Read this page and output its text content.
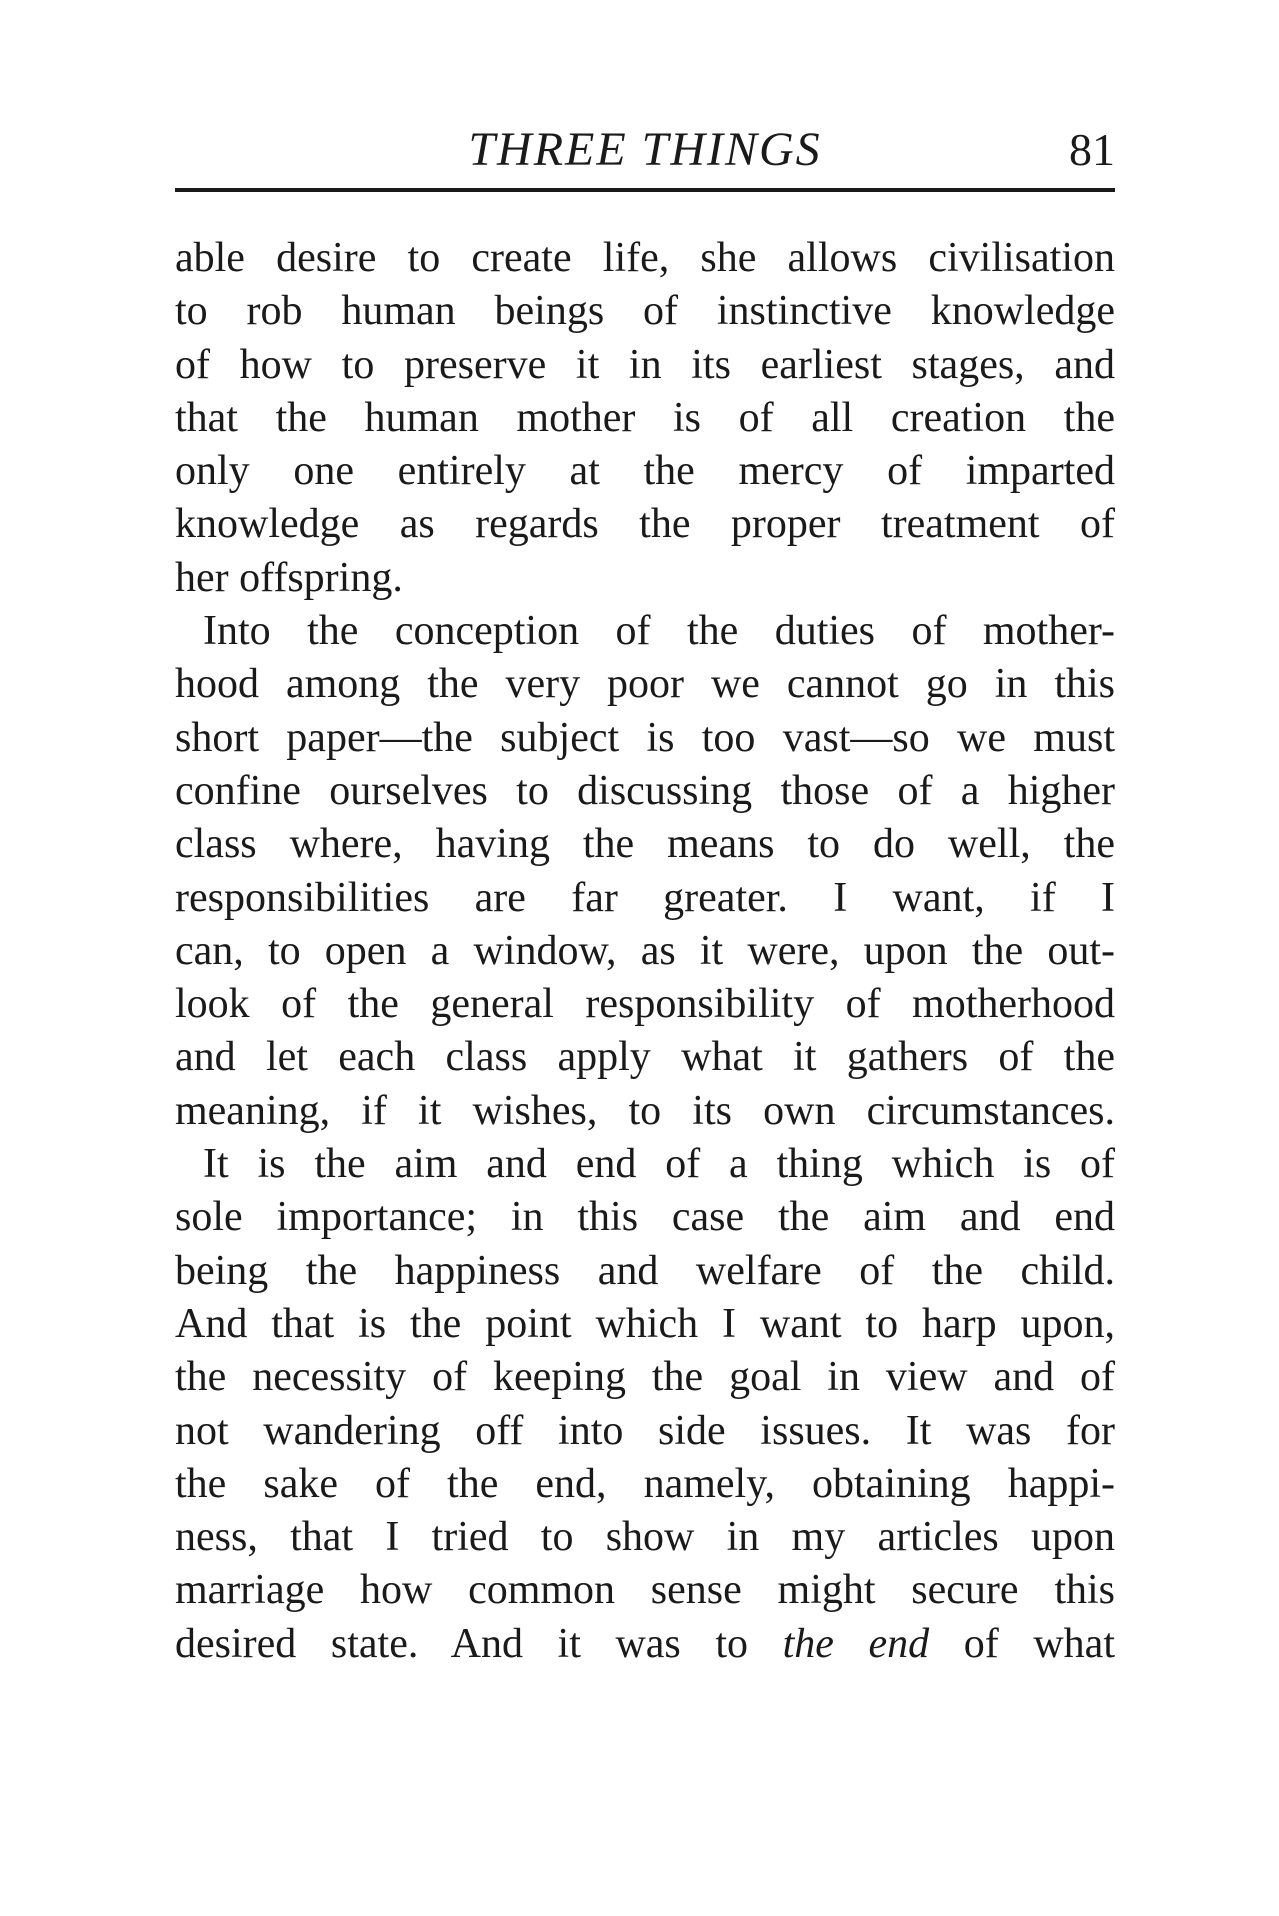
THREE THINGS	81
able desire to create life, she allows civilisation
to rob human beings of instinctive knowledge
of how to preserve it in its earliest stages, and
that the human mother is of all creation the
only one entirely at the mercy of imparted
knowledge as regards the proper treatment of
her offspring.
Into the conception of the duties of mother-
hood among the very poor we cannot go in this
short paper—the subject is too vast—so we must
confine ourselves to discussing those of a higher
class where, having the means to do well, the
responsibilities are far greater. I want, if I
can, to open a window, as it were, upon the out-
look of the general responsibility of motherhood
and let each class apply what it gathers of the
meaning, if it wishes, to its own circumstances.
It is the aim and end of a thing which is of
sole importance; in this case the aim and end
being the happiness and welfare of the child.
And that is the point which I want to harp upon,
the necessity of keeping the goal in view and of
not wandering off into side issues. It was for
the sake of the end, namely, obtaining happi-
ness, that I tried to show in my articles upon
marriage how common sense might secure this
desired state. And it was to the end of what
